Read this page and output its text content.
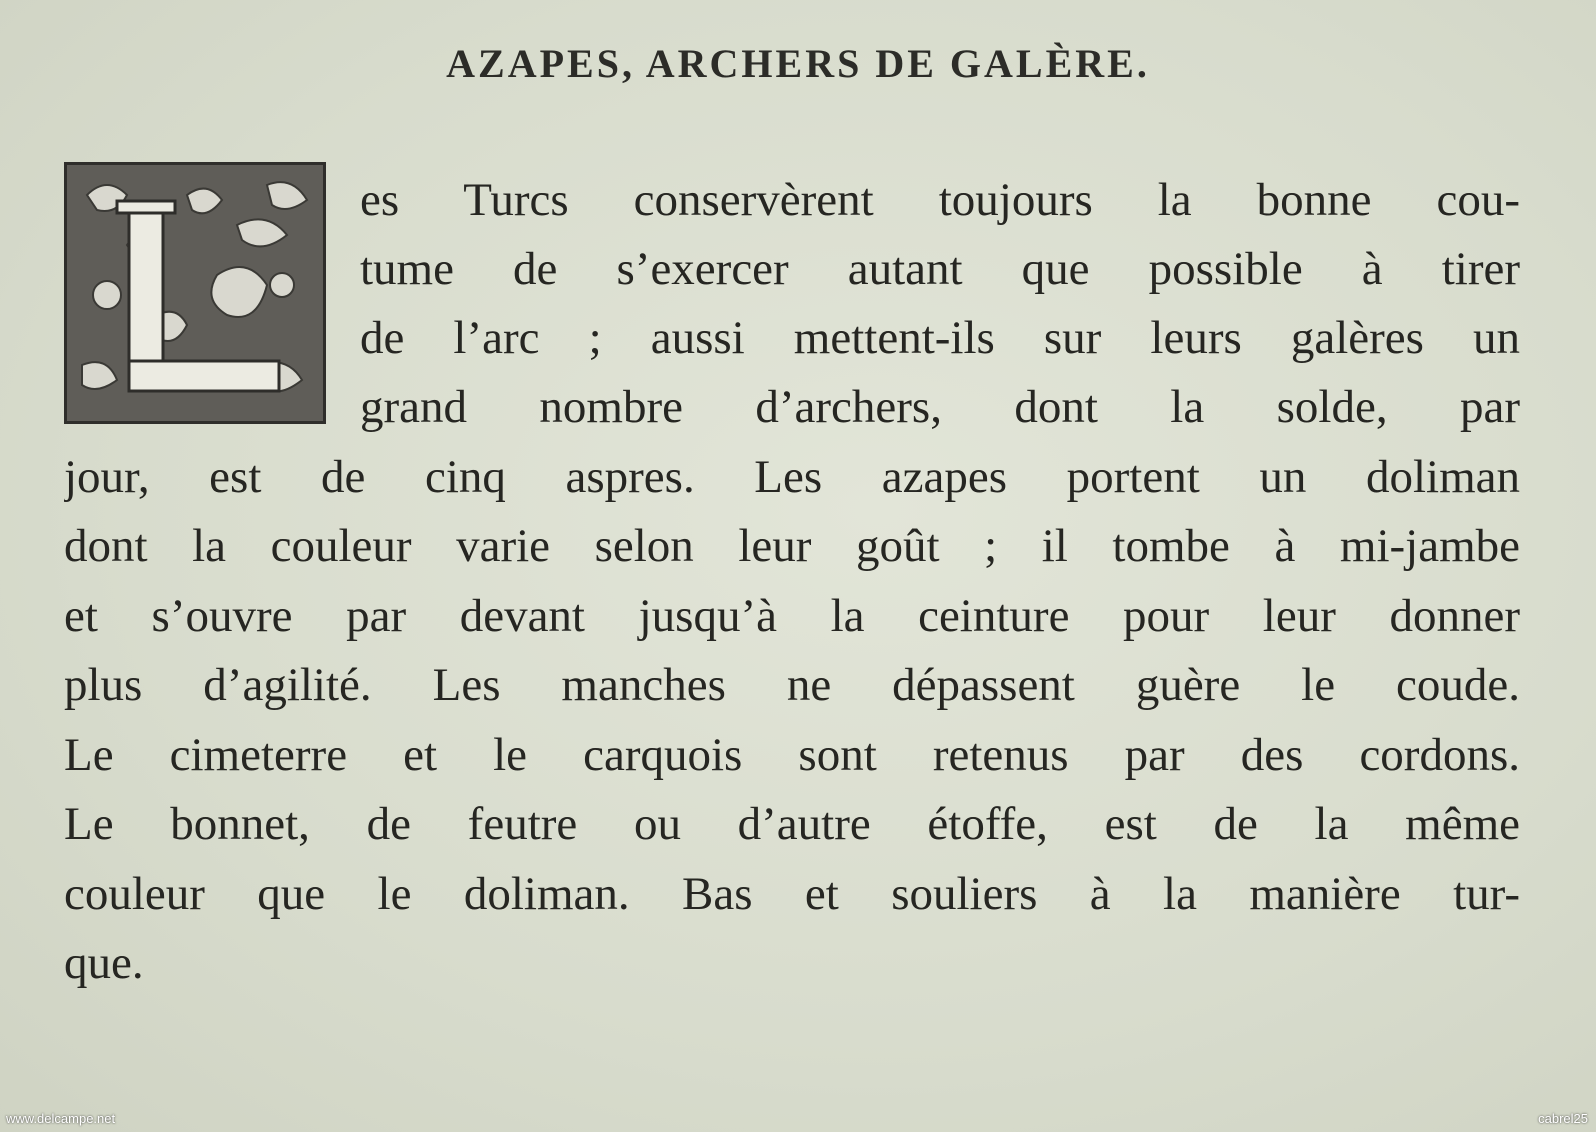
AZAPES, ARCHERS DE GALÈRE.
es Turcs conservèrent toujours la bonne cou-
tume de s’exercer autant que possible à tirer
de l’arc ; aussi mettent-ils sur leurs galères un
grand nombre d’archers, dont la solde, par
jour, est de cinq aspres. Les azapes portent un doliman
dont la couleur varie selon leur goût ; il tombe à mi-jambe
et s’ouvre par devant jusqu’à la ceinture pour leur donner
plus d’agilité. Les manches ne dépassent guère le coude.
Le cimeterre et le carquois sont retenus par des cordons.
Le bonnet, de feutre ou d’autre étoffe, est de la même
couleur que le doliman. Bas et souliers à la manière tur-
que.
www.delcampe.net	cabrel25
